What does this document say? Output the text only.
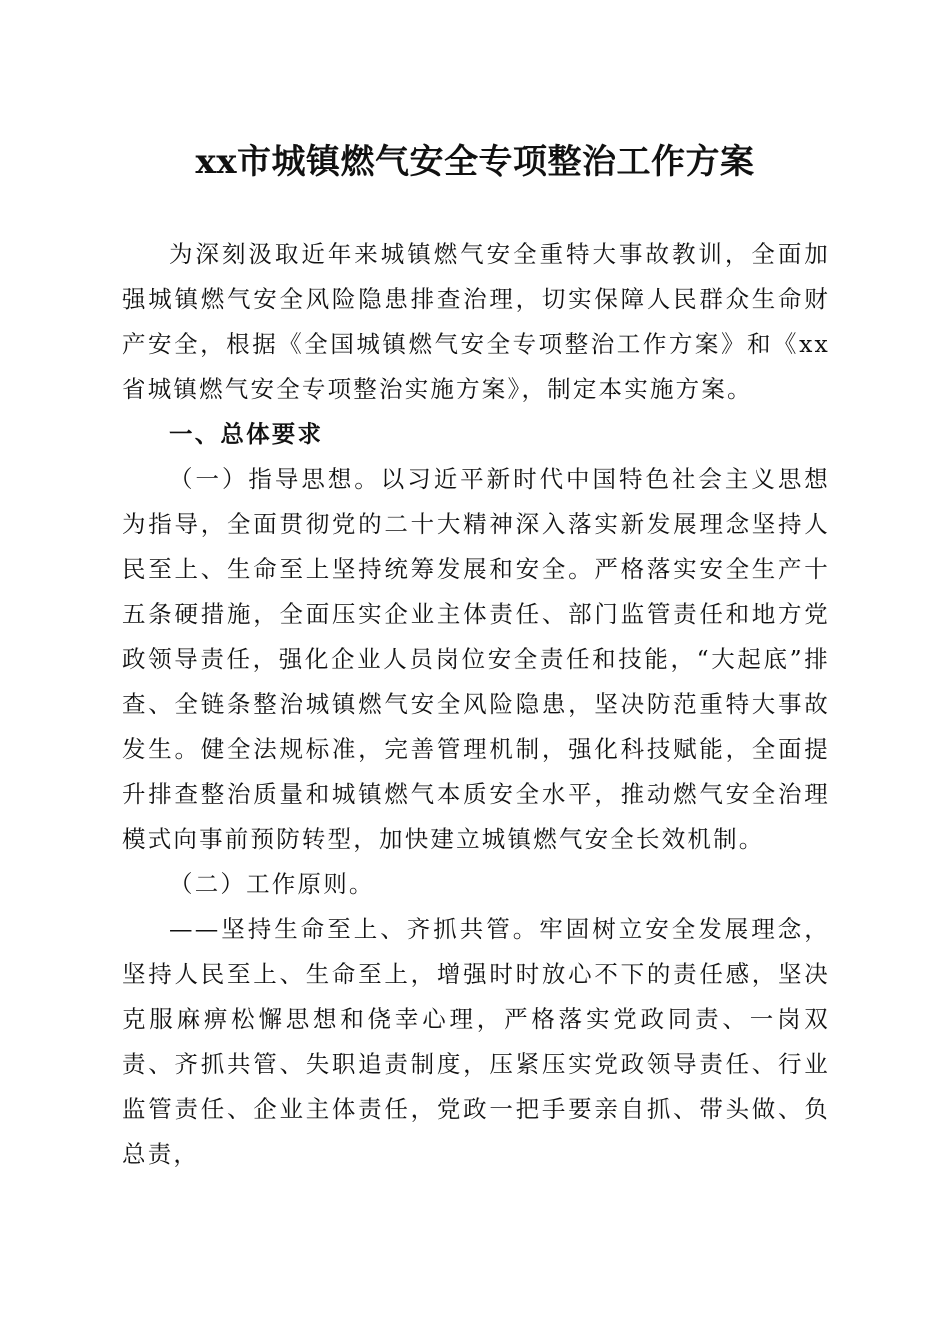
xx市城镇燃气安全专项整治工作方案

为深刻汲取近年来城镇燃气安全重特大事故教训，全面加强城镇燃气安全风险隐患排查治理，切实保障人民群众生命财产安全，根据《全国城镇燃气安全专项整治工作方案》和《xx省城镇燃气安全专项整治实施方案》，制定本实施方案。

一、总体要求

（一）指导思想。以习近平新时代中国特色社会主义思想为指导，全面贯彻党的二十大精神深入落实新发展理念坚持人民至上、生命至上坚持统筹发展和安全。严格落实安全生产十五条硬措施，全面压实企业主体责任、部门监管责任和地方党政领导责任，强化企业人员岗位安全责任和技能，“大起底”排查、全链条整治城镇燃气安全风险隐患，坚决防范重特大事故发生。健全法规标准，完善管理机制，强化科技赋能，全面提升排查整治质量和城镇燃气本质安全水平，推动燃气安全治理模式向事前预防转型，加快建立城镇燃气安全长效机制。

（二）工作原则。

——坚持生命至上、齐抓共管。牢固树立安全发展理念，坚持人民至上、生命至上，增强时时放心不下的责任感，坚决克服麻痹松懈思想和侥幸心理，严格落实党政同责、一岗双责、齐抓共管、失职追责制度，压紧压实党政领导责任、行业监管责任、企业主体责任，党政一把手要亲自抓、带头做、负总责，
